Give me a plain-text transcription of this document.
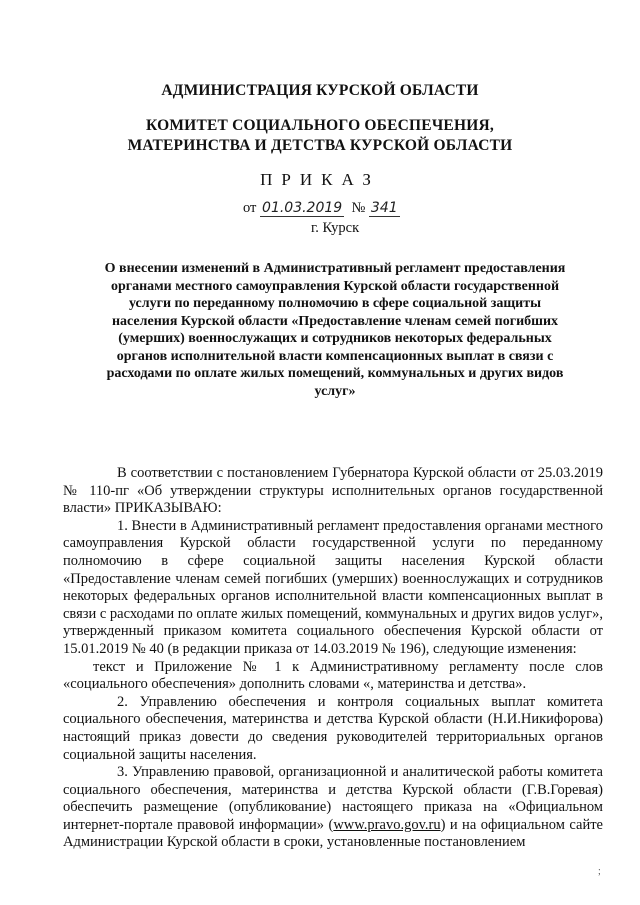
АДМИНИСТРАЦИЯ КУРСКОЙ ОБЛАСТИ
КОМИТЕТ СОЦИАЛЬНОГО ОБЕСПЕЧЕНИЯ,
МАТЕРИНСТВА И ДЕТСТВА КУРСКОЙ ОБЛАСТИ
ПРИКАЗ
от 01.03.2019 № 341
г. Курск
О внесении изменений в Административный регламент предоставления органами местного самоуправления Курской области государственной услуги по переданному полномочию в сфере социальной защиты населения Курской области «Предоставление членам семей погибших (умерших) военнослужащих и сотрудников некоторых федеральных органов исполнительной власти компенсационных выплат в связи с расходами по оплате жилых помещений, коммунальных и других видов услуг»

В соответствии с постановлением Губернатора Курской области от 25.03.2019 № 110-пг «Об утверждении структуры исполнительных органов государственной власти» ПРИКАЗЫВАЮ:

1. Внести в Административный регламент предоставления органами местного самоуправления Курской области государственной услуги по переданному полномочию в сфере социальной защиты населения Курской области «Предоставление членам семей погибших (умерших) военнослужащих и сотрудников некоторых федеральных органов исполнительной власти компенсационных выплат в связи с расходами по оплате жилых помещений, коммунальных и других видов услуг», утвержденный приказом комитета социального обеспечения Курской области от 15.01.2019 № 40 (в редакции приказа от 14.03.2019 № 196), следующие изменения:

текст и Приложение № 1 к Административному регламенту после слов «социального обеспечения» дополнить словами «, материнства и детства».

2. Управлению обеспечения и контроля социальных выплат комитета социального обеспечения, материнства и детства Курской области (Н.И.Никифорова) настоящий приказ довести до сведения руководителей территориальных органов социальной защиты населения.

3. Управлению правовой, организационной и аналитической работы комитета социального обеспечения, материнства и детства Курской области (Г.В.Горевая) обеспечить размещение (опубликование) настоящего приказа на «Официальном интернет-портале правовой информации» (www.pravo.gov.ru) и на официальном сайте Администрации Курской области в сроки, установленные постановлением

;
